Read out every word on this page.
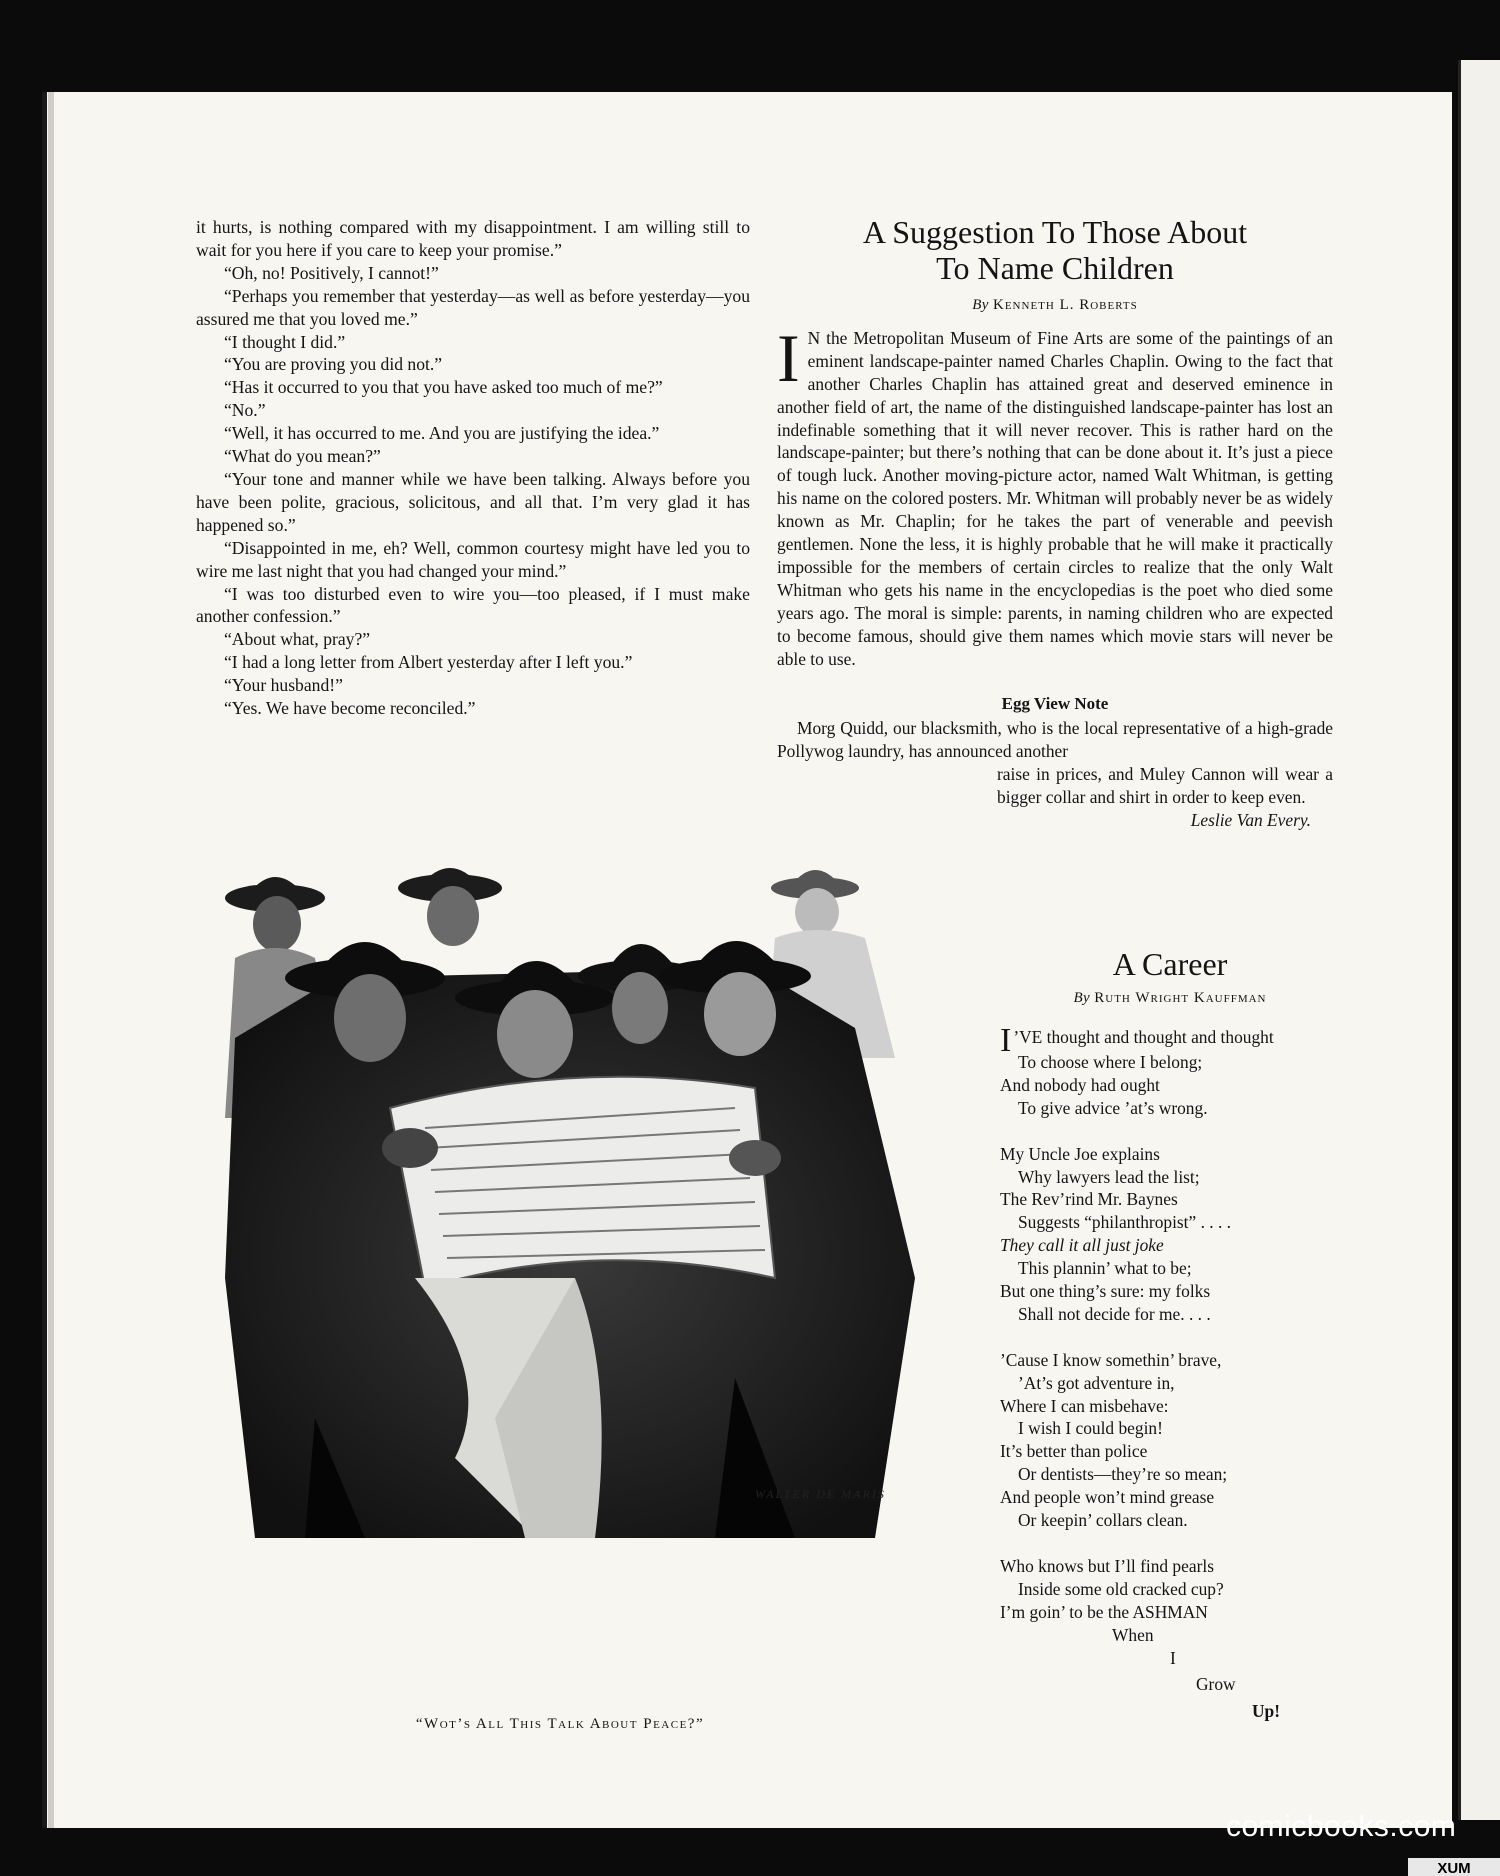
it hurts, is nothing compared with my disappointment. I am willing still to wait for you here if you care to keep your promise.”

“Oh, no! Positively, I cannot!”

“Perhaps you remember that yesterday—as well as before yesterday—you assured me that you loved me.”

“I thought I did.”

“You are proving you did not.”

“Has it occurred to you that you have asked too much of me?”

“No.”

“Well, it has occurred to me. And you are justifying the idea.”

“What do you mean?”

“Your tone and manner while we have been talking. Always before you have been polite, gracious, solicitous, and all that. I’m very glad it has happened so.”

“Disappointed in me, eh? Well, common courtesy might have led you to wire me last night that you had changed your mind.”

“I was too disturbed even to wire you—too pleased, if I must make another confession.”

“About what, pray?”

“I had a long letter from Albert yesterday after I left you.”

“Your husband!”

“Yes. We have become reconciled.”

A Suggestion To Those About
To Name Children
By Kenneth L. Roberts

I N the Metropolitan Museum of Fine Arts are some of the paintings of an eminent landscape-painter named Charles Chaplin. Owing to the fact that another Charles Chaplin has attained great and deserved eminence in another field of art, the name of the distinguished landscape-painter has lost an indefinable something that it will never recover. This is rather hard on the landscape-painter; but there’s nothing that can be done about it. It’s just a piece of tough luck. Another moving-picture actor, named Walt Whitman, is getting his name on the colored posters. Mr. Whitman will probably never be as widely known as Mr. Chaplin; for he takes the part of venerable and peevish gentlemen. None the less, it is highly probable that he will make it practically impossible for the members of certain circles to realize that the only Walt Whitman who gets his name in the encyclopedias is the poet who died some years ago. The moral is simple: parents, in naming children who are expected to become famous, should give them names which movie stars will never be able to use.

Egg View Note

Morg Quidd, our blacksmith, who is the local representative of a high-grade Pollywog laundry, has announced another

raise in prices, and Muley Cannon will wear a bigger collar and shirt in order to keep even.
Leslie Van Every.
A Career
By Ruth Wright Kauffman
I ’VE thought and thought and thought
To choose where I belong;
And nobody had ought
To give advice ’at’s wrong.
My Uncle Joe explains
Why lawyers lead the list;
The Rev’rind Mr. Baynes
Suggests “philanthropist” . . . .
They call it all just joke
This plannin’ what to be;
But one thing’s sure: my folks
Shall not decide for me. . . .
’Cause I know somethin’ brave,
’At’s got adventure in,
Where I can misbehave:
I wish I could begin!
It’s better than police
Or dentists—they’re so mean;
And people won’t mind grease
Or keepin’ collars clean.
Who knows but I’ll find pearls
Inside some old cracked cup?
I’m goin’ to be the ASHMAN
When
I
Grow
Up!
WALTER DE MARIS
“Wot’s All This Talk About Peace?”
comicbooks.com
XUM
